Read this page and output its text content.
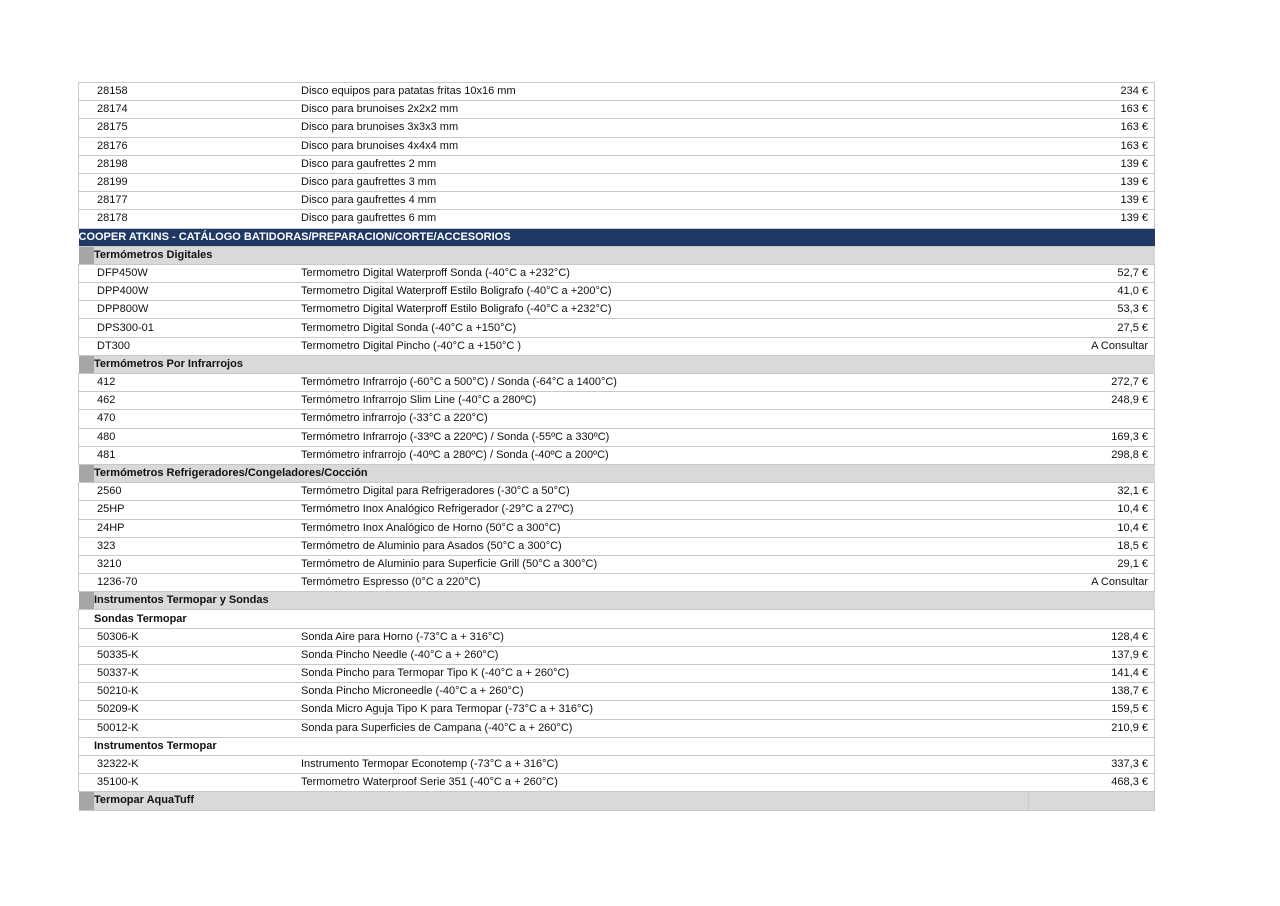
	28158	Disco equipos para patatas fritas 10x16 mm	234 €
	28174	Disco para brunoises 2x2x2 mm	163 €
	28175	Disco para brunoises 3x3x3 mm	163 €
	28176	Disco para brunoises 4x4x4 mm	163 €
	28198	Disco para gaufrettes 2 mm	139 €
	28199	Disco para gaufrettes 3 mm	139 €
	28177	Disco para gaufrettes 4 mm	139 €
	28178	Disco para gaufrettes 6 mm	139 €
COOPER ATKINS - CATÁLOGO BATIDORAS/PREPARACION/CORTE/ACCESORIOS			
	Termómetros Digitales		
	DFP450W	Termometro Digital Waterproff Sonda (-40°C a +232°C)	52,7 €
	DPP400W	Termometro Digital Waterproff Estilo Boligrafo (-40°C a +200°C)	41,0 €
	DPP800W	Termometro Digital Waterproff Estilo Boligrafo (-40°C a +232°C)	53,3 €
	DPS300-01	Termometro Digital Sonda (-40°C a +150°C)	27,5 €
	DT300	Termometro Digital Pincho (-40°C a +150°C )	A Consultar
	Termómetros Por Infrarrojos		
	412	Termómetro Infrarrojo (-60°C a 500°C) / Sonda (-64°C a 1400°C)	272,7 €
	462	Termómetro Infrarrojo Slim Line (-40°C a 280ºC)	248,9 €
	470	Termómetro infrarrojo (-33°C a 220°C)	
	480	Termómetro Infrarrojo (-33ºC a 220ºC) / Sonda (-55ºC a 330ºC)	169,3 €
	481	Termómetro infrarrojo (-40ºC a 280ºC) / Sonda (-40ºC a 200ºC)	298,8 €
	Termómetros Refrigeradores/Congeladores/Cocción		
	2560	Termómetro Digital para Refrigeradores (-30°C a 50°C)	32,1 €
	25HP	Termómetro Inox Analógico Refrigerador (-29°C a 27ºC)	10,4 €
	24HP	Termómetro Inox Analógico de Horno (50°C a 300°C)	10,4 €
	323	Termómetro de Aluminio para Asados (50°C a 300°C)	18,5 €
	3210	Termómetro de Aluminio para Superficie Grill (50°C a 300°C)	29,1 €
	1236-70	Termómetro Espresso (0°C a 220°C)	A Consultar
	Instrumentos Termopar y Sondas		
	Sondas Termopar		
	50306-K	Sonda Aire para Horno (-73°C a + 316°C)	128,4 €
	50335-K	Sonda Pincho Needle (-40°C a + 260°C)	137,9 €
	50337-K	Sonda Pincho para Termopar Tipo K (-40°C a + 260°C)	141,4 €
	50210-K	Sonda Pincho Microneedle (-40°C a + 260°C)	138,7 €
	50209-K	Sonda Micro Aguja Tipo K para Termopar (-73°C a + 316°C)	159,5 €
	50012-K	Sonda para Superficies de Campana (-40°C a + 260°C)	210,9 €
	Instrumentos Termopar		
	32322-K	Instrumento Termopar Econotemp (-73°C a + 316°C)	337,3 €
	35100-K	Termometro Waterproof Serie 351 (-40°C a + 260°C)	468,3 €
	Termopar AquaTuff		
